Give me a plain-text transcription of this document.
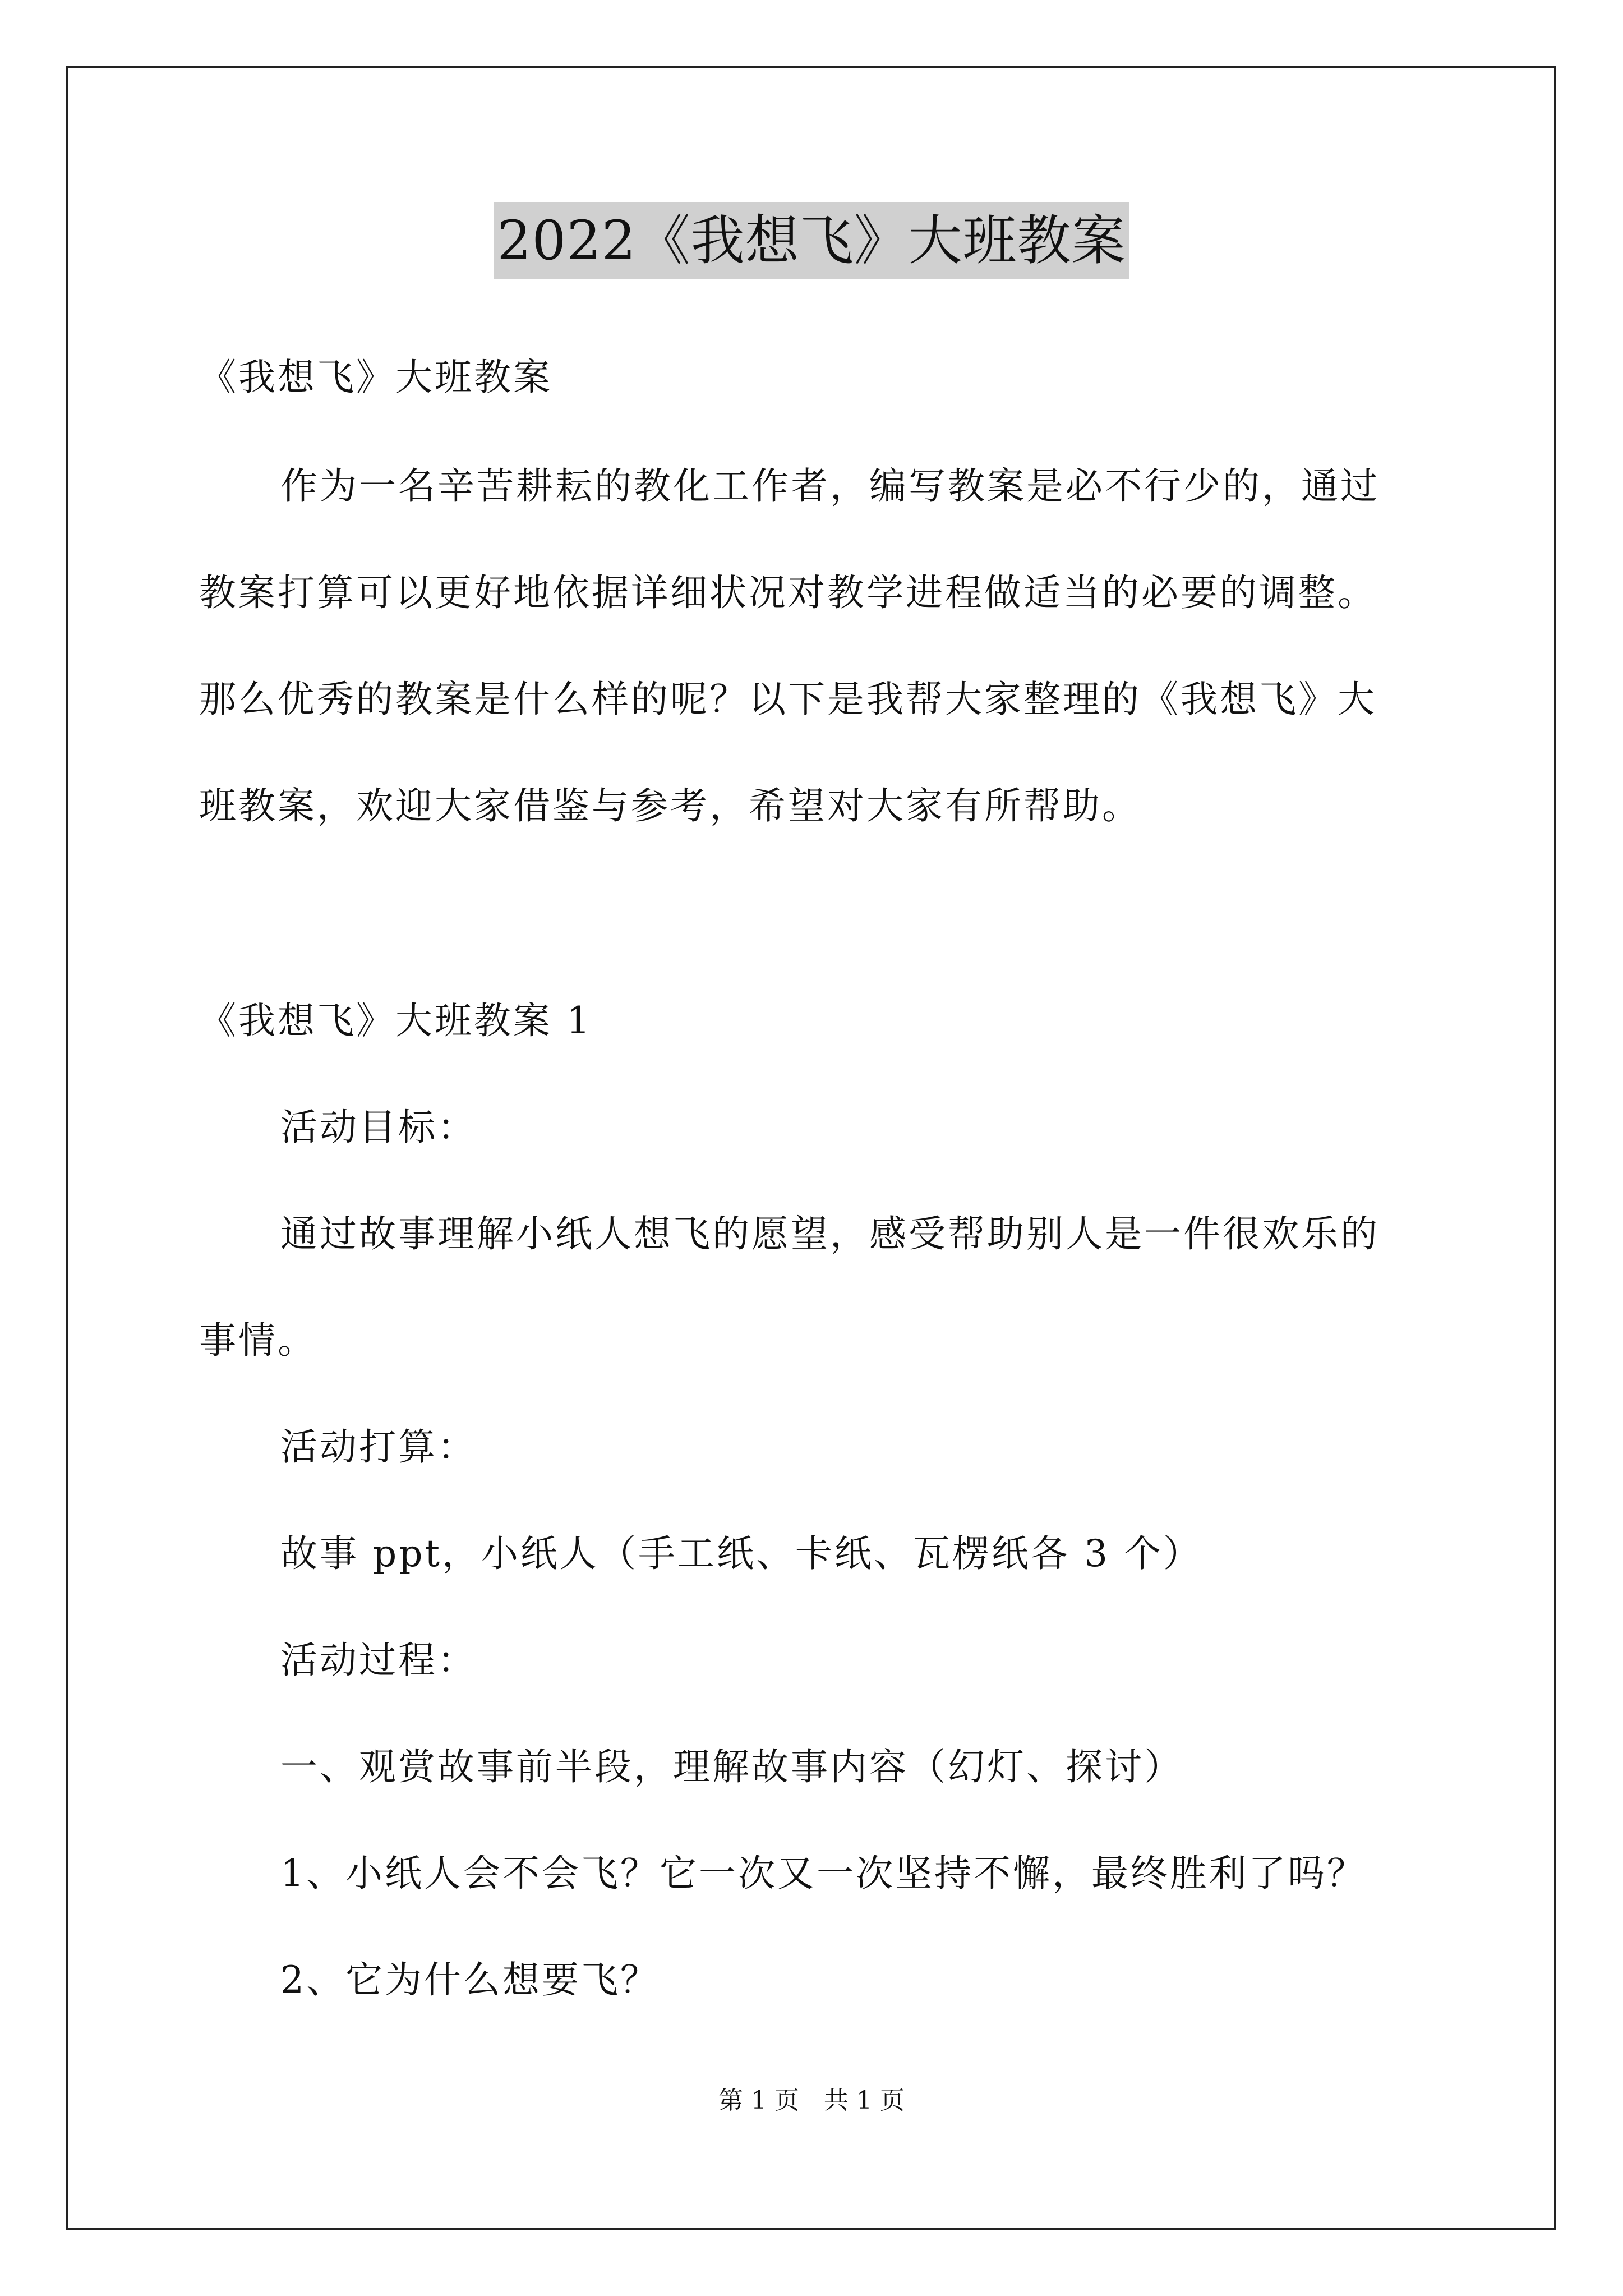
2022《我想飞》大班教案
《我想飞》大班教案
作为一名辛苦耕耘的教化工作者，编写教案是必不行少的，通过
教案打算可以更好地依据详细状况对教学进程做适当的必要的调整。
那么优秀的教案是什么样的呢？以下是我帮大家整理的《我想飞》大
班教案，欢迎大家借鉴与参考，希望对大家有所帮助。
《我想飞》大班教案 1
活动目标：
通过故事理解小纸人想飞的愿望，感受帮助别人是一件很欢乐的
事情。
活动打算：
故事 ppt，小纸人（手工纸、卡纸、瓦楞纸各 3 个）
活动过程：
一、观赏故事前半段，理解故事内容（幻灯、探讨）
1、小纸人会不会飞？它一次又一次坚持不懈，最终胜利了吗？
2、它为什么想要飞？
第 1 页　共 1 页
